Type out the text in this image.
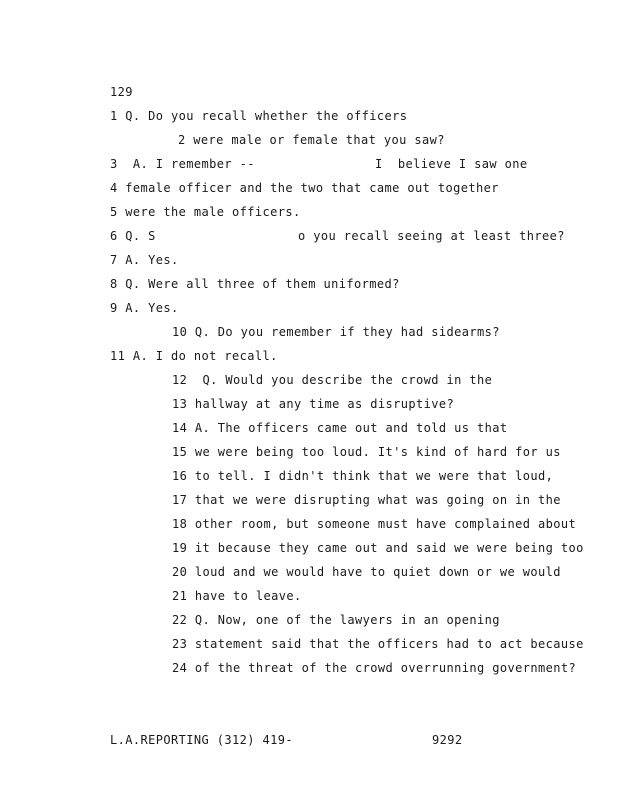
129
1 Q. Do you recall whether the officers
2 were male or female that you saw?
3  A. I remember --	I  believe I saw one
4 female officer and the two that came out together
5 were the male officers.
6 Q. S	o you recall seeing at least three?
7 A. Yes.
8 Q. Were all three of them uniformed?
9 A. Yes.
10 Q. Do you remember if they had sidearms?
11 A. I do not recall.
12  Q. Would you describe the crowd in the
13 hallway at any time as disruptive?
14 A. The officers came out and told us that
15 we were being too loud. It's kind of hard for us
16 to tell. I didn't think that we were that loud,
17 that we were disrupting what was going on in the
18 other room, but someone must have complained about
19 it because they came out and said we were being too
20 loud and we would have to quiet down or we would
21 have to leave.
22 Q. Now, one of the lawyers in an opening
23 statement said that the officers had to act because
24 of the threat of the crowd overrunning government?
L.A.REPORTING (312) 419-	9292
